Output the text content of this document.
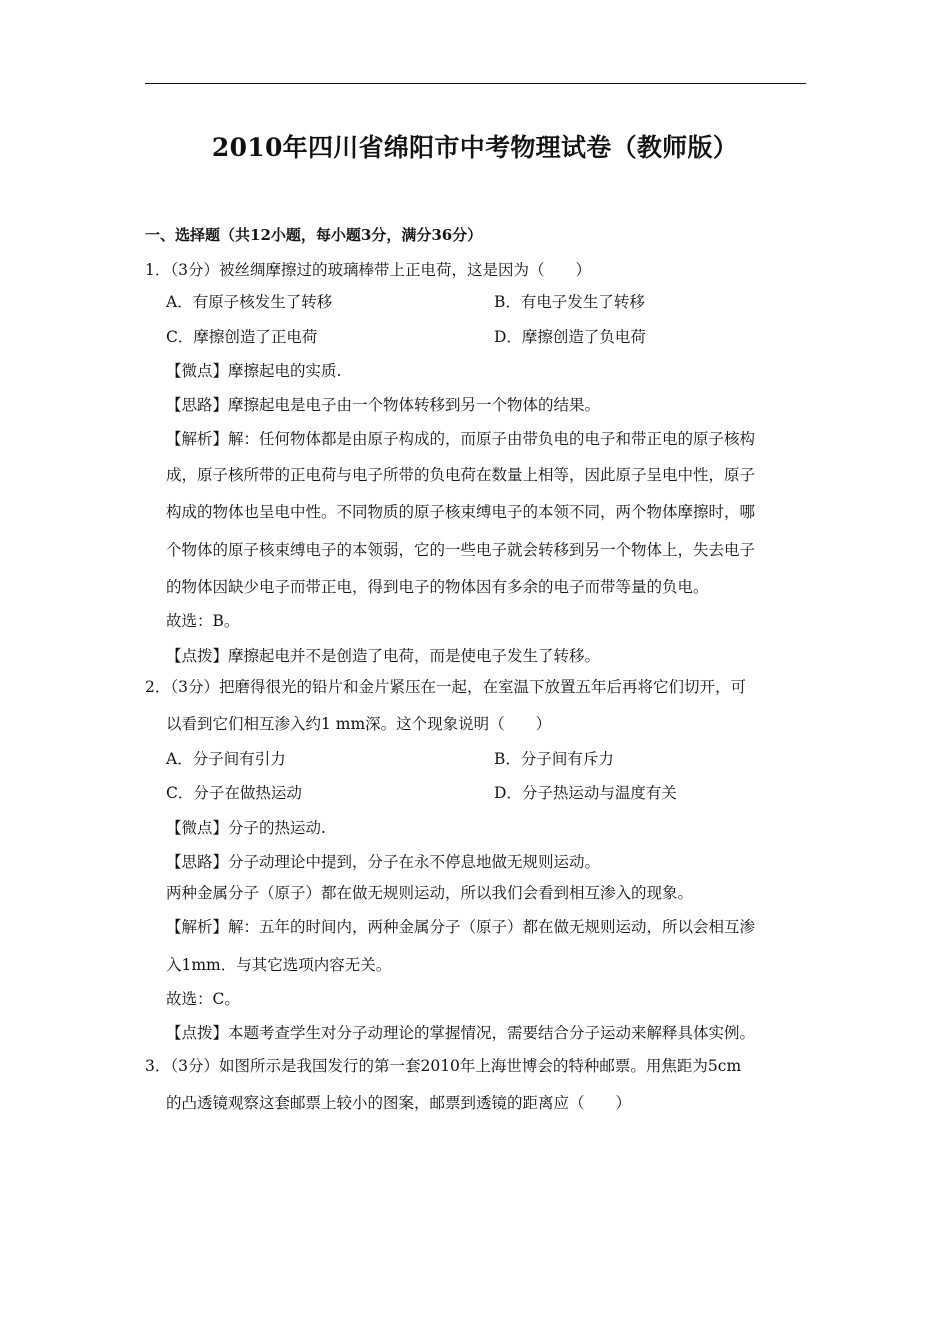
2010年四川省绵阳市中考物理试卷（教师版）
一、选择题（共12小题，每小题3分，满分36分）
1．（3分）被丝绸摩擦过的玻璃棒带上正电荷，这是因为（　　）
A．有原子核发生了转移	B．有电子发生了转移
C．摩擦创造了正电荷	D．摩擦创造了负电荷
【微点】摩擦起电的实质.
【思路】摩擦起电是电子由一个物体转移到另一个物体的结果。
【解析】解：任何物体都是由原子构成的，而原子由带负电的电子和带正电的原子核构
成，原子核所带的正电荷与电子所带的负电荷在数量上相等，因此原子呈电中性，原子
构成的物体也呈电中性。不同物质的原子核束缚电子的本领不同，两个物体摩擦时，哪
个物体的原子核束缚电子的本领弱，它的一些电子就会转移到另一个物体上，失去电子
的物体因缺少电子而带正电，得到电子的物体因有多余的电子而带等量的负电。
故选：B。
【点拨】摩擦起电并不是创造了电荷，而是使电子发生了转移。
2．（3分）把磨得很光的铅片和金片紧压在一起，在室温下放置五年后再将它们切开，可
以看到它们相互渗入约1 mm深。这个现象说明（　　）
A．分子间有引力	B．分子间有斥力
C．分子在做热运动	D．分子热运动与温度有关
【微点】分子的热运动.
【思路】分子动理论中提到，分子在永不停息地做无规则运动。
两种金属分子（原子）都在做无规则运动，所以我们会看到相互渗入的现象。
【解析】解：五年的时间内，两种金属分子（原子）都在做无规则运动，所以会相互渗
入1mm．与其它选项内容无关。
故选：C。
【点拨】本题考查学生对分子动理论的掌握情况，需要结合分子运动来解释具体实例。
3．（3分）如图所示是我国发行的第一套2010年上海世博会的特种邮票。用焦距为5cm
的凸透镜观察这套邮票上较小的图案，邮票到透镜的距离应（　　）
